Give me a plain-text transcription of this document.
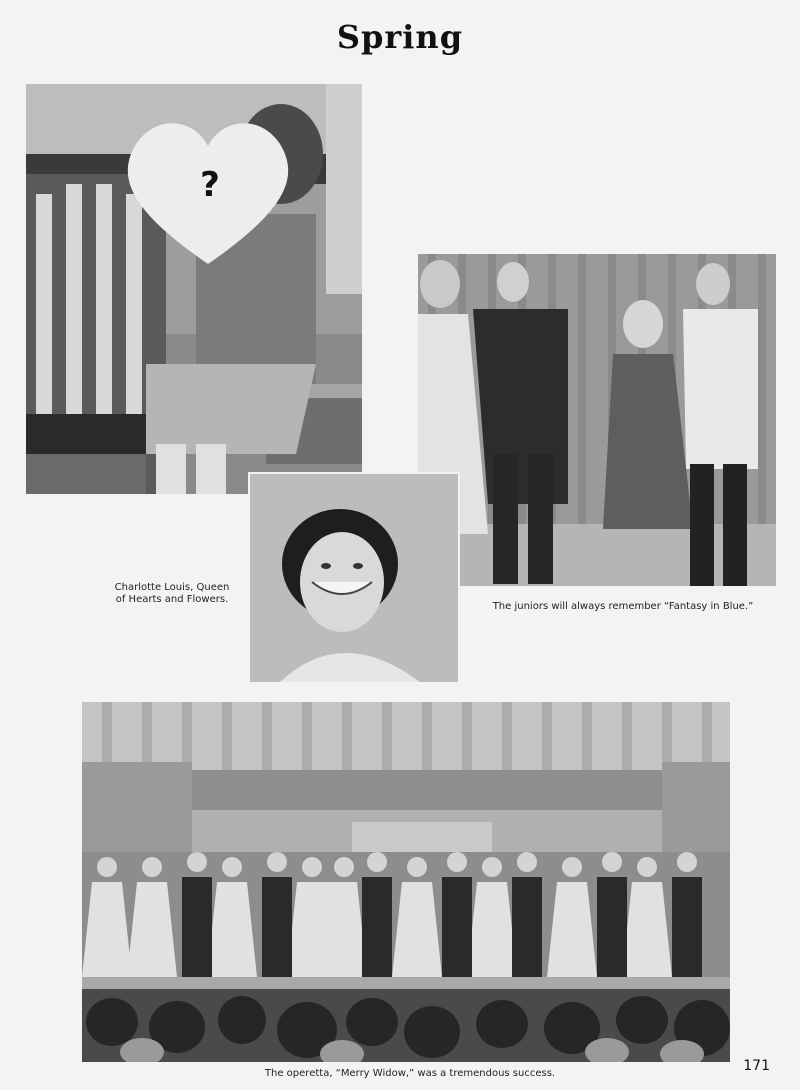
Spring
?
Charlotte Louis, Queen of Hearts and Flowers.
The juniors will always remember “Fantasy in Blue.”
The operetta, “Merry Widow,” was a tremendous success.	171
